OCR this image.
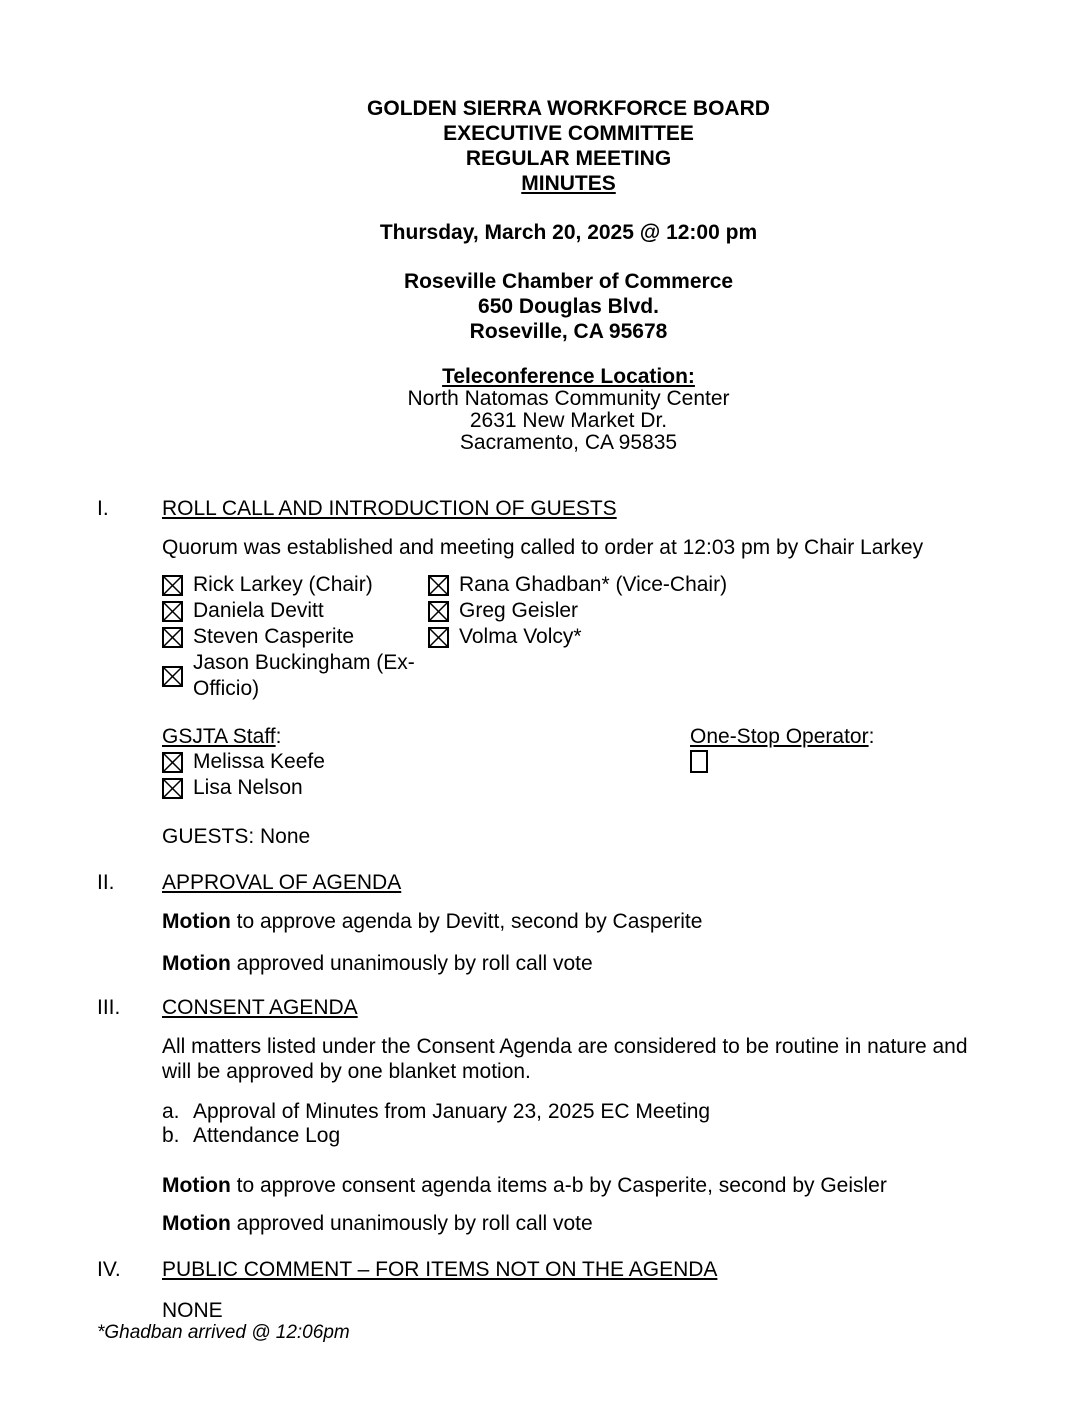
GOLDEN SIERRA WORKFORCE BOARD
EXECUTIVE COMMITTEE
REGULAR MEETING
MINUTES
Thursday, March 20, 2025 @ 12:00 pm
Roseville Chamber of Commerce
650 Douglas Blvd.
Roseville, CA 95678
Teleconference Location:
North Natomas Community Center
2631 New Market Dr.
Sacramento, CA 95835
I.	ROLL CALL AND INTRODUCTION OF GUESTS

Quorum was established and meeting called to order at 12:03 pm by Chair Larkey

Rick Larkey (Chair)	Rana Ghadban* (Vice-Chair)
Daniela Devitt	Greg Geisler
Steven Casperite	Volma Volcy*
Jason Buckingham (Ex-Officio)
GSJTA Staff:
Melissa Keefe
Lisa Nelson
One-Stop Operator:

GUESTS: None

II.	APPROVAL OF AGENDA

Motion to approve agenda by Devitt, second by Casperite

Motion approved unanimously by roll call vote

III.	CONSENT AGENDA

All matters listed under the Consent Agenda are considered to be routine in nature and will be approved by one blanket motion.

a. Approval of Minutes from January 23, 2025 EC Meeting
b. Attendance Log

Motion to approve consent agenda items a-b by Casperite, second by Geisler

Motion approved unanimously by roll call vote

IV.	PUBLIC COMMENT – FOR ITEMS NOT ON THE AGENDA

NONE

*Ghadban arrived @ 12:06pm
